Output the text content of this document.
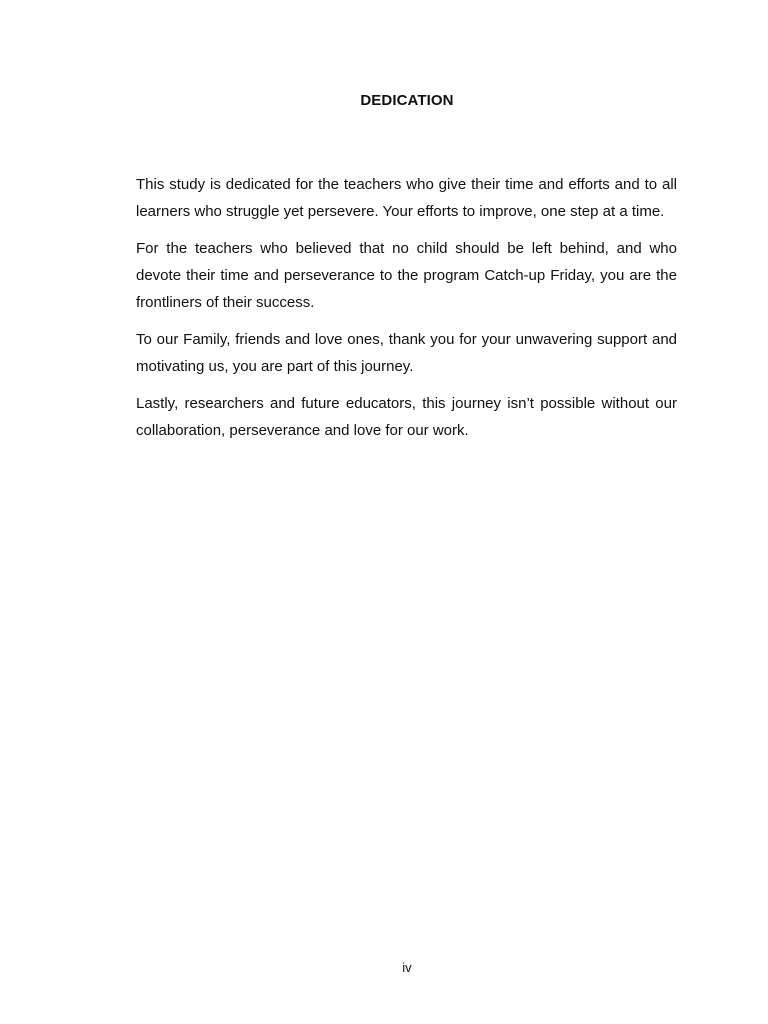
DEDICATION

This study is dedicated for the teachers who give their time and efforts and to all learners who struggle yet persevere. Your efforts to improve, one step at a time.

For the teachers who believed that no child should be left behind, and who devote their time and perseverance to the program Catch-up Friday, you are the frontliners of their success.

To our Family, friends and love ones, thank you for your unwavering support and motivating us, you are part of this journey.

Lastly, researchers and future educators, this journey isn’t possible without our collaboration, perseverance and love for our work.

iv
